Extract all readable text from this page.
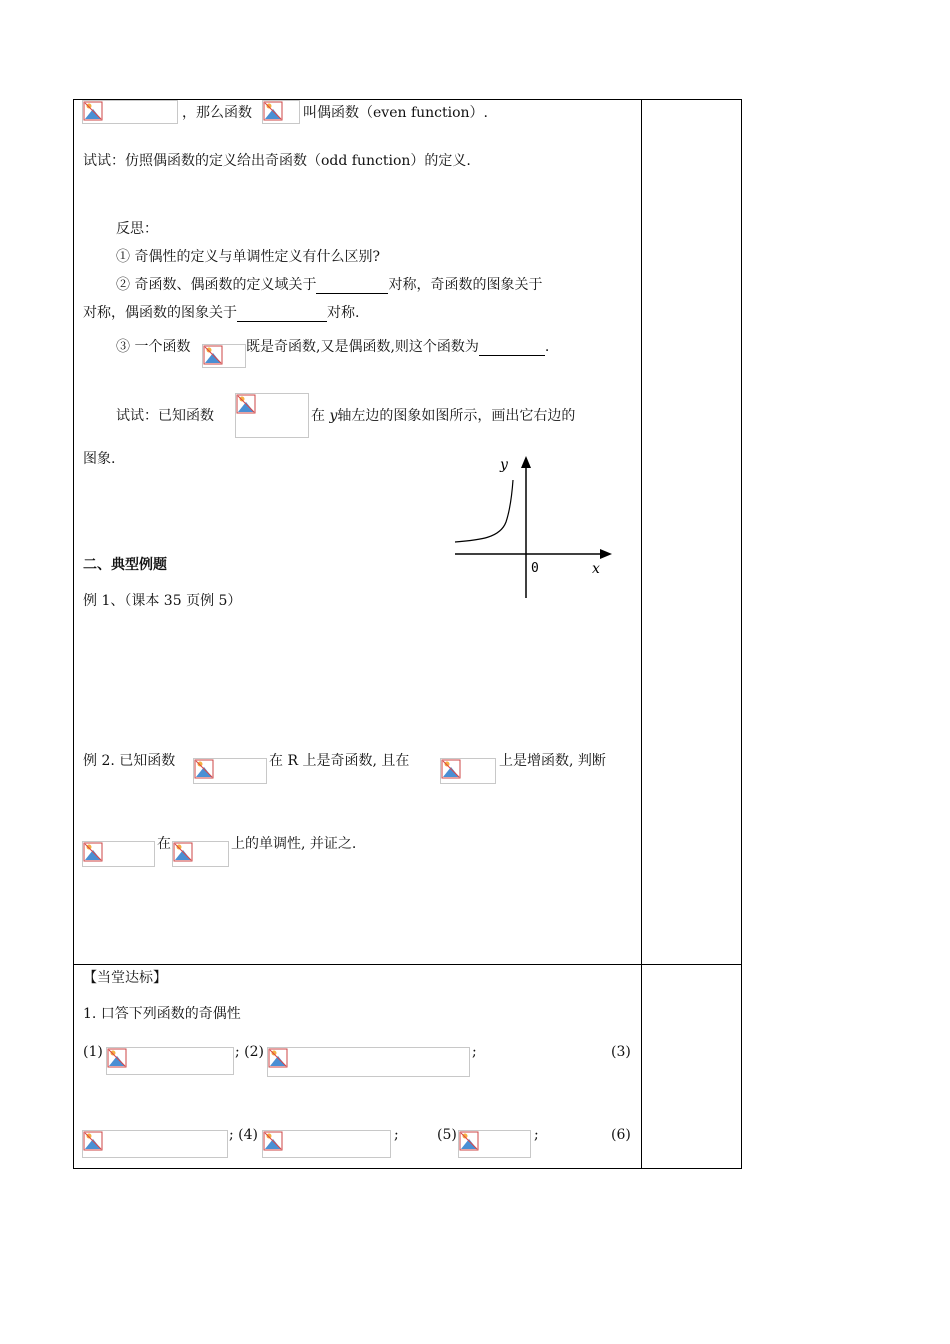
，那么函数	叫偶函数（even function）.
试试：仿照偶函数的定义给出奇函数（odd function）的定义.
反思：
① 奇偶性的定义与单调性定义有什么区别?
② 奇函数、偶函数的定义域关于	对称，奇函数的图象关于
对称，偶函数的图象关于	对称.
③ 一个函数	既是奇函数,又是偶函数,则这个函数为	.
试试：已知函数	在 y轴左边的图象如图所示，画出它右边的
图象.	y
x
0
二、典型例题
例 1、（课本 35 页例 5）
例 2. 已知函数	在 R 上是奇函数, 且在	上是增函数, 判断
在	上的单调性, 并证之.
【当堂达标】
1. 口答下列函数的奇偶性
(1)	; (2)	;	(3)
; (4)	;	(5)	;	(6)
